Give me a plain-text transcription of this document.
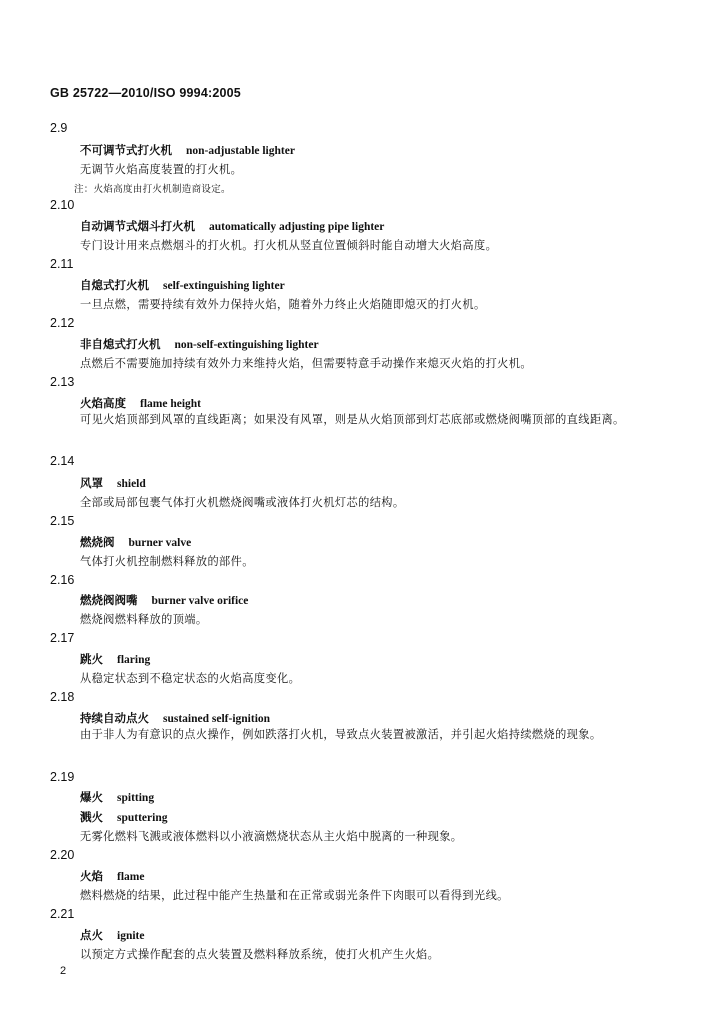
GB 25722—2010/ISO 9994:2005
2.9
不可调节式打火机 non-adjustable lighter
无调节火焰高度装置的打火机。
注：火焰高度由打火机制造商设定。
2.10
自动调节式烟斗打火机 automatically adjusting pipe lighter
专门设计用来点燃烟斗的打火机。打火机从竖直位置倾斜时能自动增大火焰高度。
2.11
自熄式打火机 self-extinguishing lighter
一旦点燃，需要持续有效外力保持火焰，随着外力终止火焰随即熄灭的打火机。
2.12
非自熄式打火机 non-self-extinguishing lighter
点燃后不需要施加持续有效外力来维持火焰，但需要特意手动操作来熄灭火焰的打火机。
2.13
火焰高度 flame height
可见火焰顶部到风罩的直线距离；如果没有风罩，则是从火焰顶部到灯芯底部或燃烧阀嘴顶部的直线距离。
2.14
风罩 shield
全部或局部包裹气体打火机燃烧阀嘴或液体打火机灯芯的结构。
2.15
燃烧阀 burner valve
气体打火机控制燃料释放的部件。
2.16
燃烧阀阀嘴 burner valve orifice
燃烧阀燃料释放的顶端。
2.17
跳火 flaring
从稳定状态到不稳定状态的火焰高度变化。
2.18
持续自动点火 sustained self-ignition
由于非人为有意识的点火操作，例如跌落打火机，导致点火装置被激活，并引起火焰持续燃烧的现象。
2.19
爆火 spitting
溅火 sputtering
无雾化燃料飞溅或液体燃料以小液滴燃烧状态从主火焰中脱离的一种现象。
2.20
火焰 flame
燃料燃烧的结果，此过程中能产生热量和在正常或弱光条件下肉眼可以看得到光线。
2.21
点火 ignite
以预定方式操作配套的点火装置及燃料释放系统，使打火机产生火焰。
2
